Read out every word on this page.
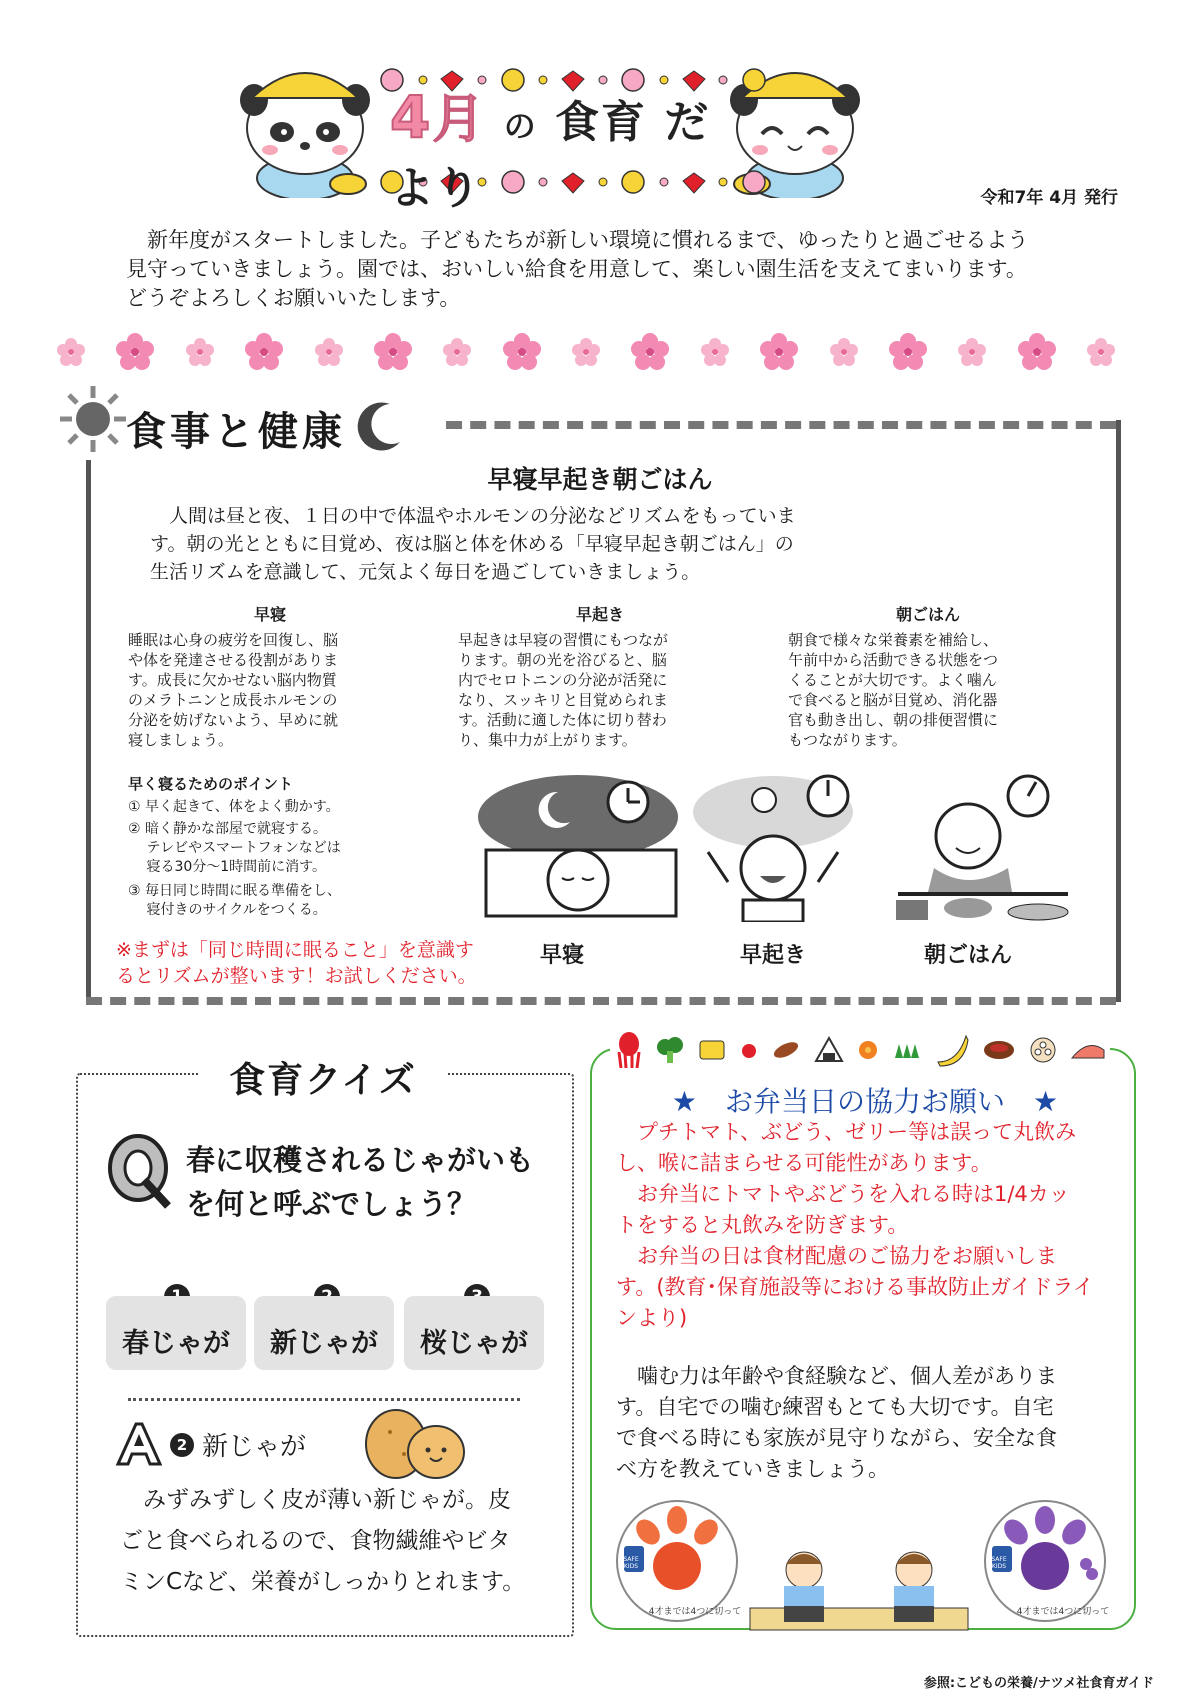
4月 の 食育 だより	令和7年 4月 発行
　新年度がスタートしました。子どもたちが新しい環境に慣れるまで、ゆったりと過ごせるよう
見守っていきましょう。園では、おいしい給食を用意して、楽しい園生活を支えてまいります。
どうぞよろしくお願いいたします。
食事と健康
早寝早起き朝ごはん
　人間は昼と夜、１日の中で体温やホルモンの分泌などリズムをもっていま
す。朝の光とともに目覚め、夜は脳と体を休める「早寝早起き朝ごはん」の
生活リズムを意識して、元気よく毎日を過ごしていきましょう。
早寝
睡眠は心身の疲労を回復し、脳
や体を発達させる役割がありま
す。成長に欠かせない脳内物質
のメラトニンと成長ホルモンの
分泌を妨げないよう、早めに就
寝しましょう。
早起き
早起きは早寝の習慣にもつなが
ります。朝の光を浴びると、脳
内でセロトニンの分泌が活発に
なり、スッキリと目覚められま
す。活動に適した体に切り替わ
り、集中力が上がります。
朝ごはん
朝食で様々な栄養素を補給し、
午前中から活動できる状態をつ
くることが大切です。よく噛ん
で食べると脳が目覚め、消化器
官も動き出し、朝の排便習慣に
もつながります。
早く寝るためのポイント
① 早く起きて、体をよく動かす。
② 暗く静かな部屋で就寝する。
　 テレビやスマートフォンなどは
　 寝る30分～1時間前に消す。
③ 毎日同じ時間に眠る準備をし、
　 寝付きのサイクルをつくる。
※まずは「同じ時間に眠ること」を意識す
るとリズムが整います！お試しください。
早寝	早起き	朝ごはん
食育クイズ
春に収穫されるじゃがいも
を何と呼ぶでしょう？
春じゃが	新じゃが	桜じゃが
2 新じゃが
　みずみずしく皮が薄い新じゃが。皮
ごと食べられるので、食物繊維やビタ
ミンCなど、栄養がしっかりとれます。
★　お弁当日の協力お願い　★
　プチトマト、ぶどう、ゼリー等は誤って丸飲み
し、喉に詰まらせる可能性があります。
　お弁当にトマトやぶどうを入れる時は1/4カッ
トをすると丸飲みを防ぎます。
　お弁当の日は食材配慮のご協力をお願いしま
す。(教育･保育施設等における事故防止ガイドライ
ンより)
　噛む力は年齢や食経験など、個人差がありま
す。自宅での噛む練習もとても大切です。自宅
で食べる時にも家族が見守りながら、安全な食
べ方を教えていきましょう。
SAFE KIDS
4才までは4つに切って
SAFE KIDS
4才までは4つに切って
参照:こどもの栄養/ナツメ社食育ガイド
